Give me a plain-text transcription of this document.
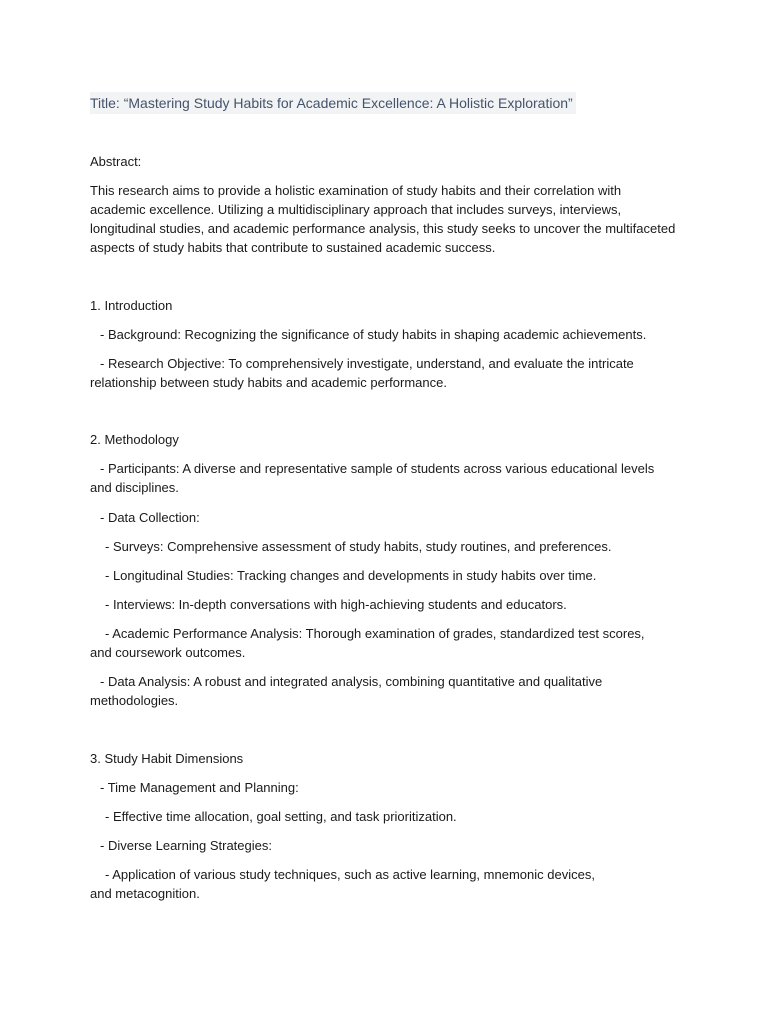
Title: “Mastering Study Habits for Academic Excellence: A Holistic Exploration”
Abstract:
This research aims to provide a holistic examination of study habits and their correlation with academic excellence. Utilizing a multidisciplinary approach that includes surveys, interviews, longitudinal studies, and academic performance analysis, this study seeks to uncover the multifaceted aspects of study habits that contribute to sustained academic success.
1. Introduction
- Background: Recognizing the significance of study habits in shaping academic achievements.
- Research Objective: To comprehensively investigate, understand, and evaluate the intricate relationship between study habits and academic performance.
2. Methodology
- Participants: A diverse and representative sample of students across various educational levels and disciplines.
- Data Collection:
- Surveys: Comprehensive assessment of study habits, study routines, and preferences.
- Longitudinal Studies: Tracking changes and developments in study habits over time.
- Interviews: In-depth conversations with high-achieving students and educators.
- Academic Performance Analysis: Thorough examination of grades, standardized test scores, and coursework outcomes.
- Data Analysis: A robust and integrated analysis, combining quantitative and qualitative methodologies.
3. Study Habit Dimensions
- Time Management and Planning:
- Effective time allocation, goal setting, and task prioritization.
- Diverse Learning Strategies:
- Application of various study techniques, such as active learning, mnemonic devices, and metacognition.
